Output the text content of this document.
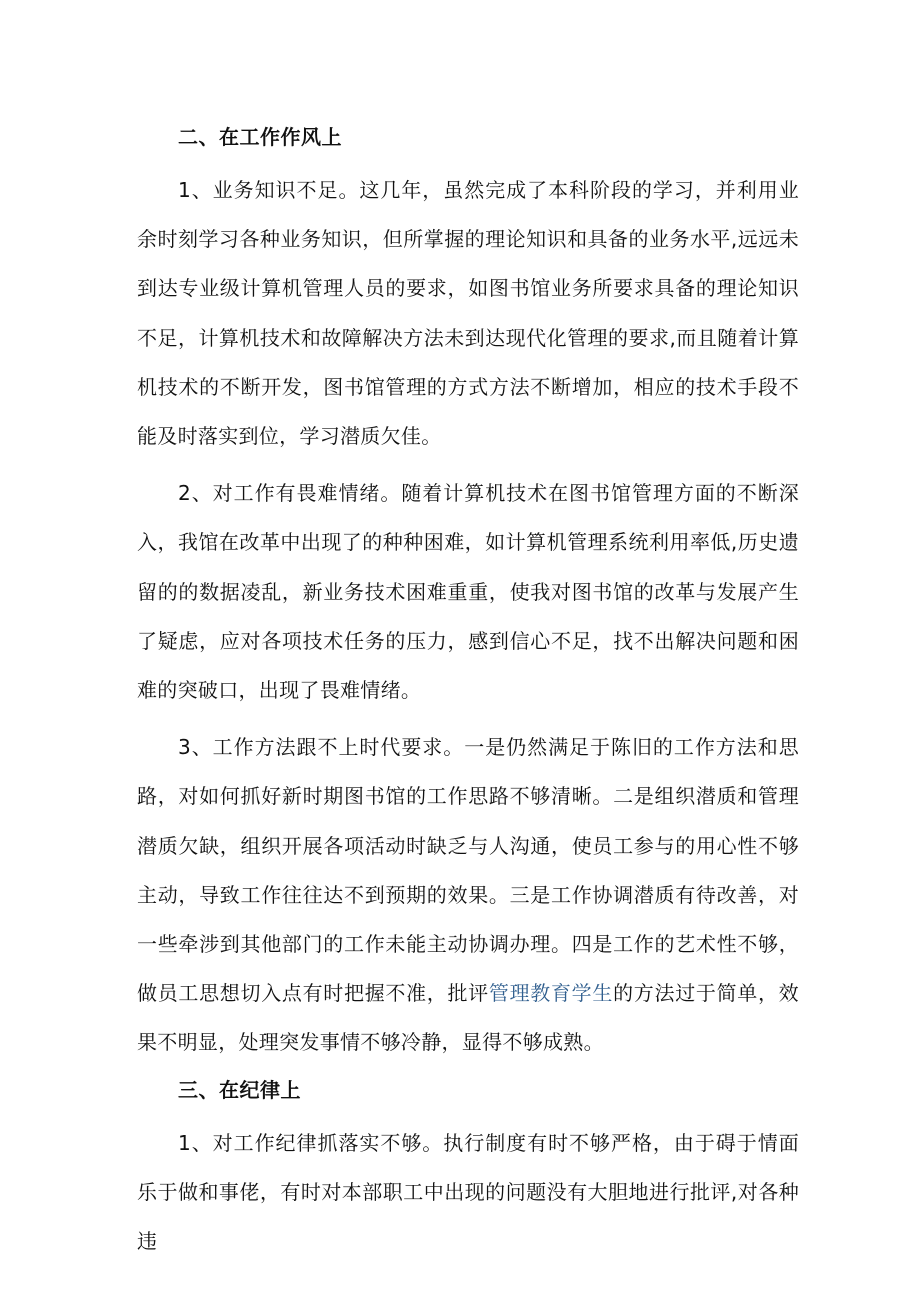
二、在工作作风上

1、业务知识不足。这几年，虽然完成了本科阶段的学习，并利用业余时刻学习各种业务知识，但所掌握的理论知识和具备的业务水平,远远未到达专业级计算机管理人员的要求，如图书馆业务所要求具备的理论知识不足，计算机技术和故障解决方法未到达现代化管理的要求,而且随着计算机技术的不断开发，图书馆管理的方式方法不断增加，相应的技术手段不能及时落实到位，学习潜质欠佳。

2、对工作有畏难情绪。随着计算机技术在图书馆管理方面的不断深入，我馆在改革中出现了的种种困难，如计算机管理系统利用率低,历史遗留的的数据凌乱，新业务技术困难重重，使我对图书馆的改革与发展产生了疑虑，应对各项技术任务的压力，感到信心不足，找不出解决问题和困难的突破口，出现了畏难情绪。

3、工作方法跟不上时代要求。一是仍然满足于陈旧的工作方法和思路，对如何抓好新时期图书馆的工作思路不够清晰。二是组织潜质和管理潜质欠缺，组织开展各项活动时缺乏与人沟通，使员工参与的用心性不够主动，导致工作往往达不到预期的效果。三是工作协调潜质有待改善，对一些牵涉到其他部门的工作未能主动协调办理。四是工作的艺术性不够，做员工思想切入点有时把握不准，批评管理教育学生的方法过于简单，效果不明显，处理突发事情不够冷静，显得不够成熟。

三、在纪律上

1、对工作纪律抓落实不够。执行制度有时不够严格，由于碍于情面乐于做和事佬，有时对本部职工中出现的问题没有大胆地进行批评,对各种违
